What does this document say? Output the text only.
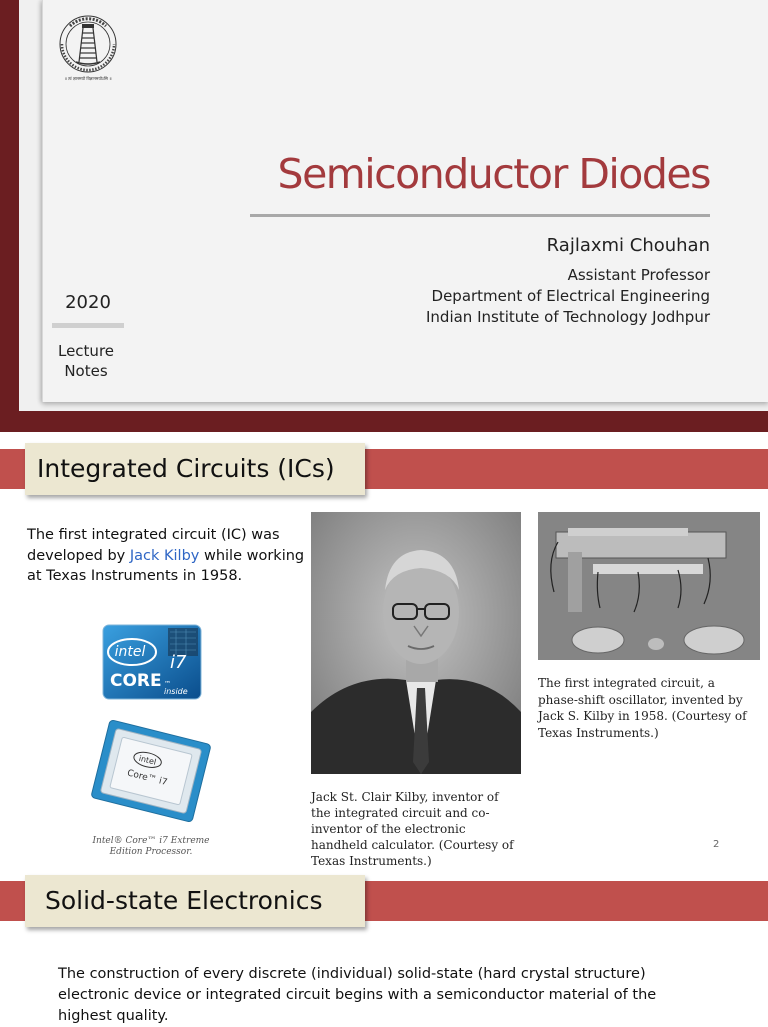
॥ त्वं ज्ञानमयो विज्ञानमयोऽसि ॥
Semiconductor Diodes
Rajlaxmi Chouhan
Assistant Professor
Department of Electrical Engineering
Indian Institute of Technology Jodhpur
2020
Lecture
Notes
Integrated Circuits (ICs)
The first integrated circuit (IC) was developed by Jack Kilby while working at Texas Instruments in 1958.
intel i7
CORE ™
inside
intel
Core™ i7
Intel® Core™ i7 Extreme Edition Processor.
Jack St. Clair Kilby, inventor of the integrated circuit and co-inventor of the electronic handheld calculator. (Courtesy of Texas Instruments.)
The first integrated circuit, a phase-shift oscillator, invented by Jack S. Kilby in 1958. (Courtesy of Texas Instruments.)
2
Solid-state Electronics
The construction of every discrete (individual) solid-state (hard crystal structure) electronic device or integrated circuit begins with a semiconductor material of the highest quality.
